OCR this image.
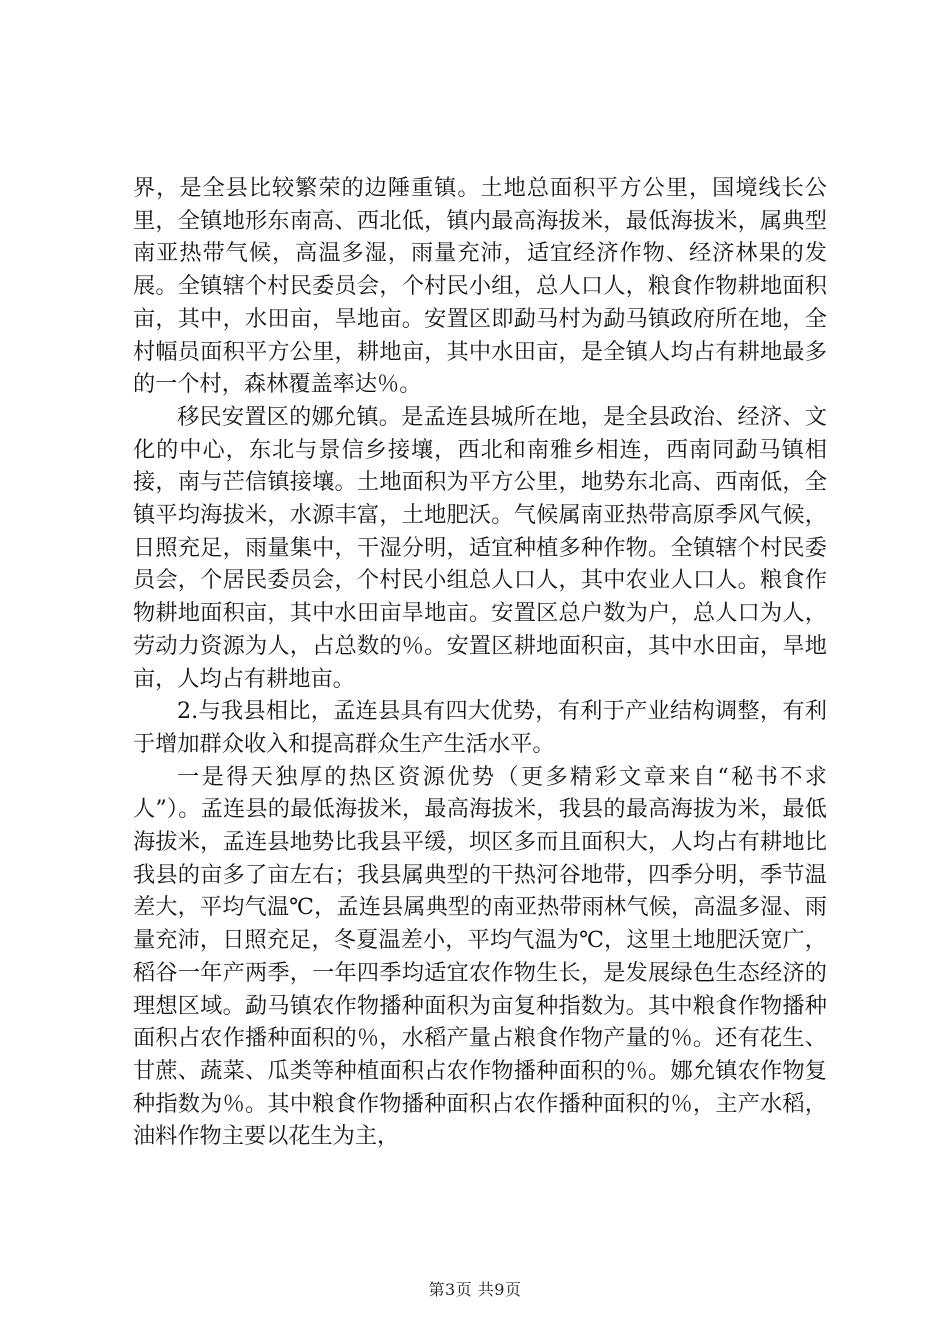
界，是全县比较繁荣的边陲重镇。土地总面积平方公里，国境线长公里，全镇地形东南高、西北低，镇内最高海拔米，最低海拔米，属典型南亚热带气候，高温多湿，雨量充沛，适宜经济作物、经济林果的发展。全镇辖个村民委员会，个村民小组，总人口人，粮食作物耕地面积亩，其中，水田亩，旱地亩。安置区即勐马村为勐马镇政府所在地，全村幅员面积平方公里，耕地亩，其中水田亩，是全镇人均占有耕地最多的一个村，森林覆盖率达％。

移民安置区的娜允镇。是孟连县城所在地，是全县政治、经济、文化的中心，东北与景信乡接壤，西北和南雅乡相连，西南同勐马镇相接，南与芒信镇接壤。土地面积为平方公里，地势东北高、西南低，全镇平均海拔米，水源丰富，土地肥沃。气候属南亚热带高原季风气候，日照充足，雨量集中，干湿分明，适宜种植多种作物。全镇辖个村民委员会，个居民委员会，个村民小组总人口人，其中农业人口人。粮食作物耕地面积亩，其中水田亩旱地亩。安置区总户数为户，总人口为人，劳动力资源为人，占总数的％。安置区耕地面积亩，其中水田亩，旱地亩，人均占有耕地亩。

2.与我县相比，孟连县具有四大优势，有利于产业结构调整，有利于增加群众收入和提高群众生产生活水平。

一是得天独厚的热区资源优势（更多精彩文章来自“秘书不求人”）。孟连县的最低海拔米，最高海拔米，我县的最高海拔为米，最低海拔米，孟连县地势比我县平缓，坝区多而且面积大，人均占有耕地比我县的亩多了亩左右；我县属典型的干热河谷地带，四季分明，季节温差大，平均气温℃，孟连县属典型的南亚热带雨林气候，高温多湿、雨量充沛，日照充足，冬夏温差小，平均气温为℃，这里土地肥沃宽广，稻谷一年产两季，一年四季均适宜农作物生长，是发展绿色生态经济的理想区域。勐马镇农作物播种面积为亩复种指数为。其中粮食作物播种面积占农作播种面积的％，水稻产量占粮食作物产量的％。还有花生、甘蔗、蔬菜、瓜类等种植面积占农作物播种面积的％。娜允镇农作物复种指数为％。其中粮食作物播种面积占农作播种面积的％，主产水稻，油料作物主要以花生为主，

第3页 共9页
